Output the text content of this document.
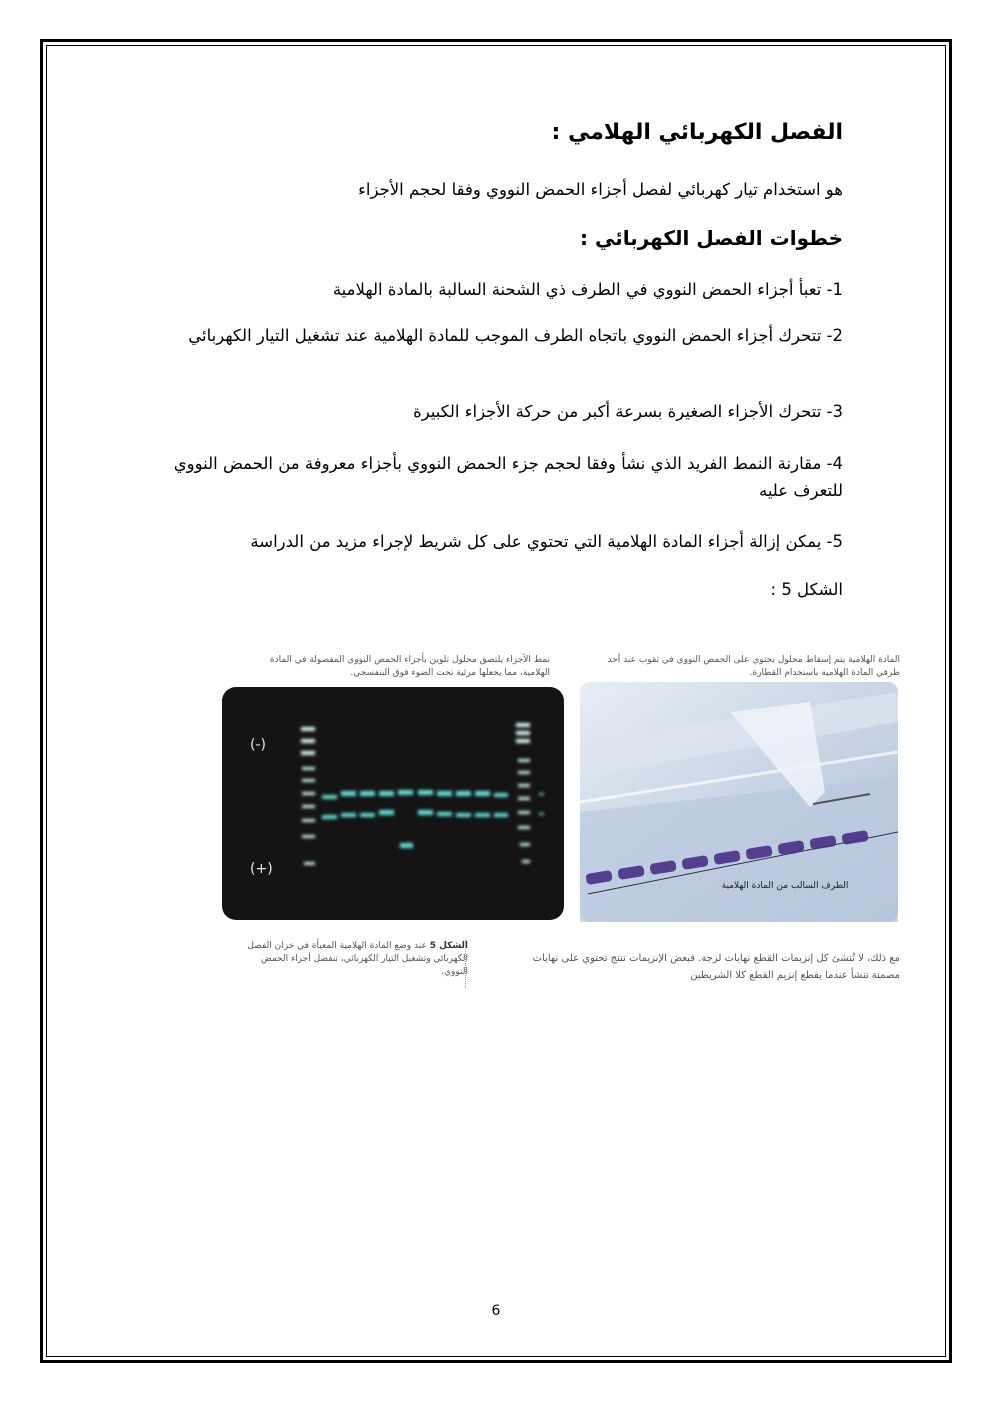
الفصل الكهربائي الهلامي :
هو استخدام تيار كهربائي لفصل أجزاء الحمض النووي وفقا لحجم الأجزاء
خطوات الفصل الكهربائي :
1- تعبأ أجزاء الحمض النووي في الطرف ذي الشحنة السالبة بالمادة الهلامية
2- تتحرك أجزاء الحمض النووي باتجاه الطرف الموجب للمادة الهلامية عند تشغيل التيار الكهربائي
3- تتحرك الأجزاء الصغيرة بسرعة أكبر من حركة الأجزاء الكبيرة
4- مقارنة النمط الفريد الذي نشأ وفقا لحجم جزء الحمض النووي بأجزاء معروفة من الحمض النووي للتعرف عليه
5- يمكن إزالة أجزاء المادة الهلامية التي تحتوي على كل شريط لإجراء مزيد من الدراسة
الشكل 5 :
نمط الأجزاء يلتصق محلول تلوين بأجزاء الحمض النووي المفصولة في المادة الهلامية، مما يجعلها مرئية تحت الضوء فوق البنفسجي.
المادة الهلامية يتم إسقاط محلول يحتوي على الحمض النووي في ثقوب عند أحد طرفي المادة الهلامية باستخدام القطارة.
(-)
(+)
الطرف السالب من المادة الهلامية
الشكل 5 عند وضع المادة الهلامية المعبأة في خزان الفصل الكهربائي وتشغيل التيار الكهربائي، تنفصل أجزاء الحمض النووي.
مع ذلك، لا تُنشئ كل إنزيمات القطع نهايات لزجة. فبعض الإنزيمات تنتج تحتوي على نهايات مصمتة تنشأ عندما يقطع إنزيم القطع كلا الشريطين
6
